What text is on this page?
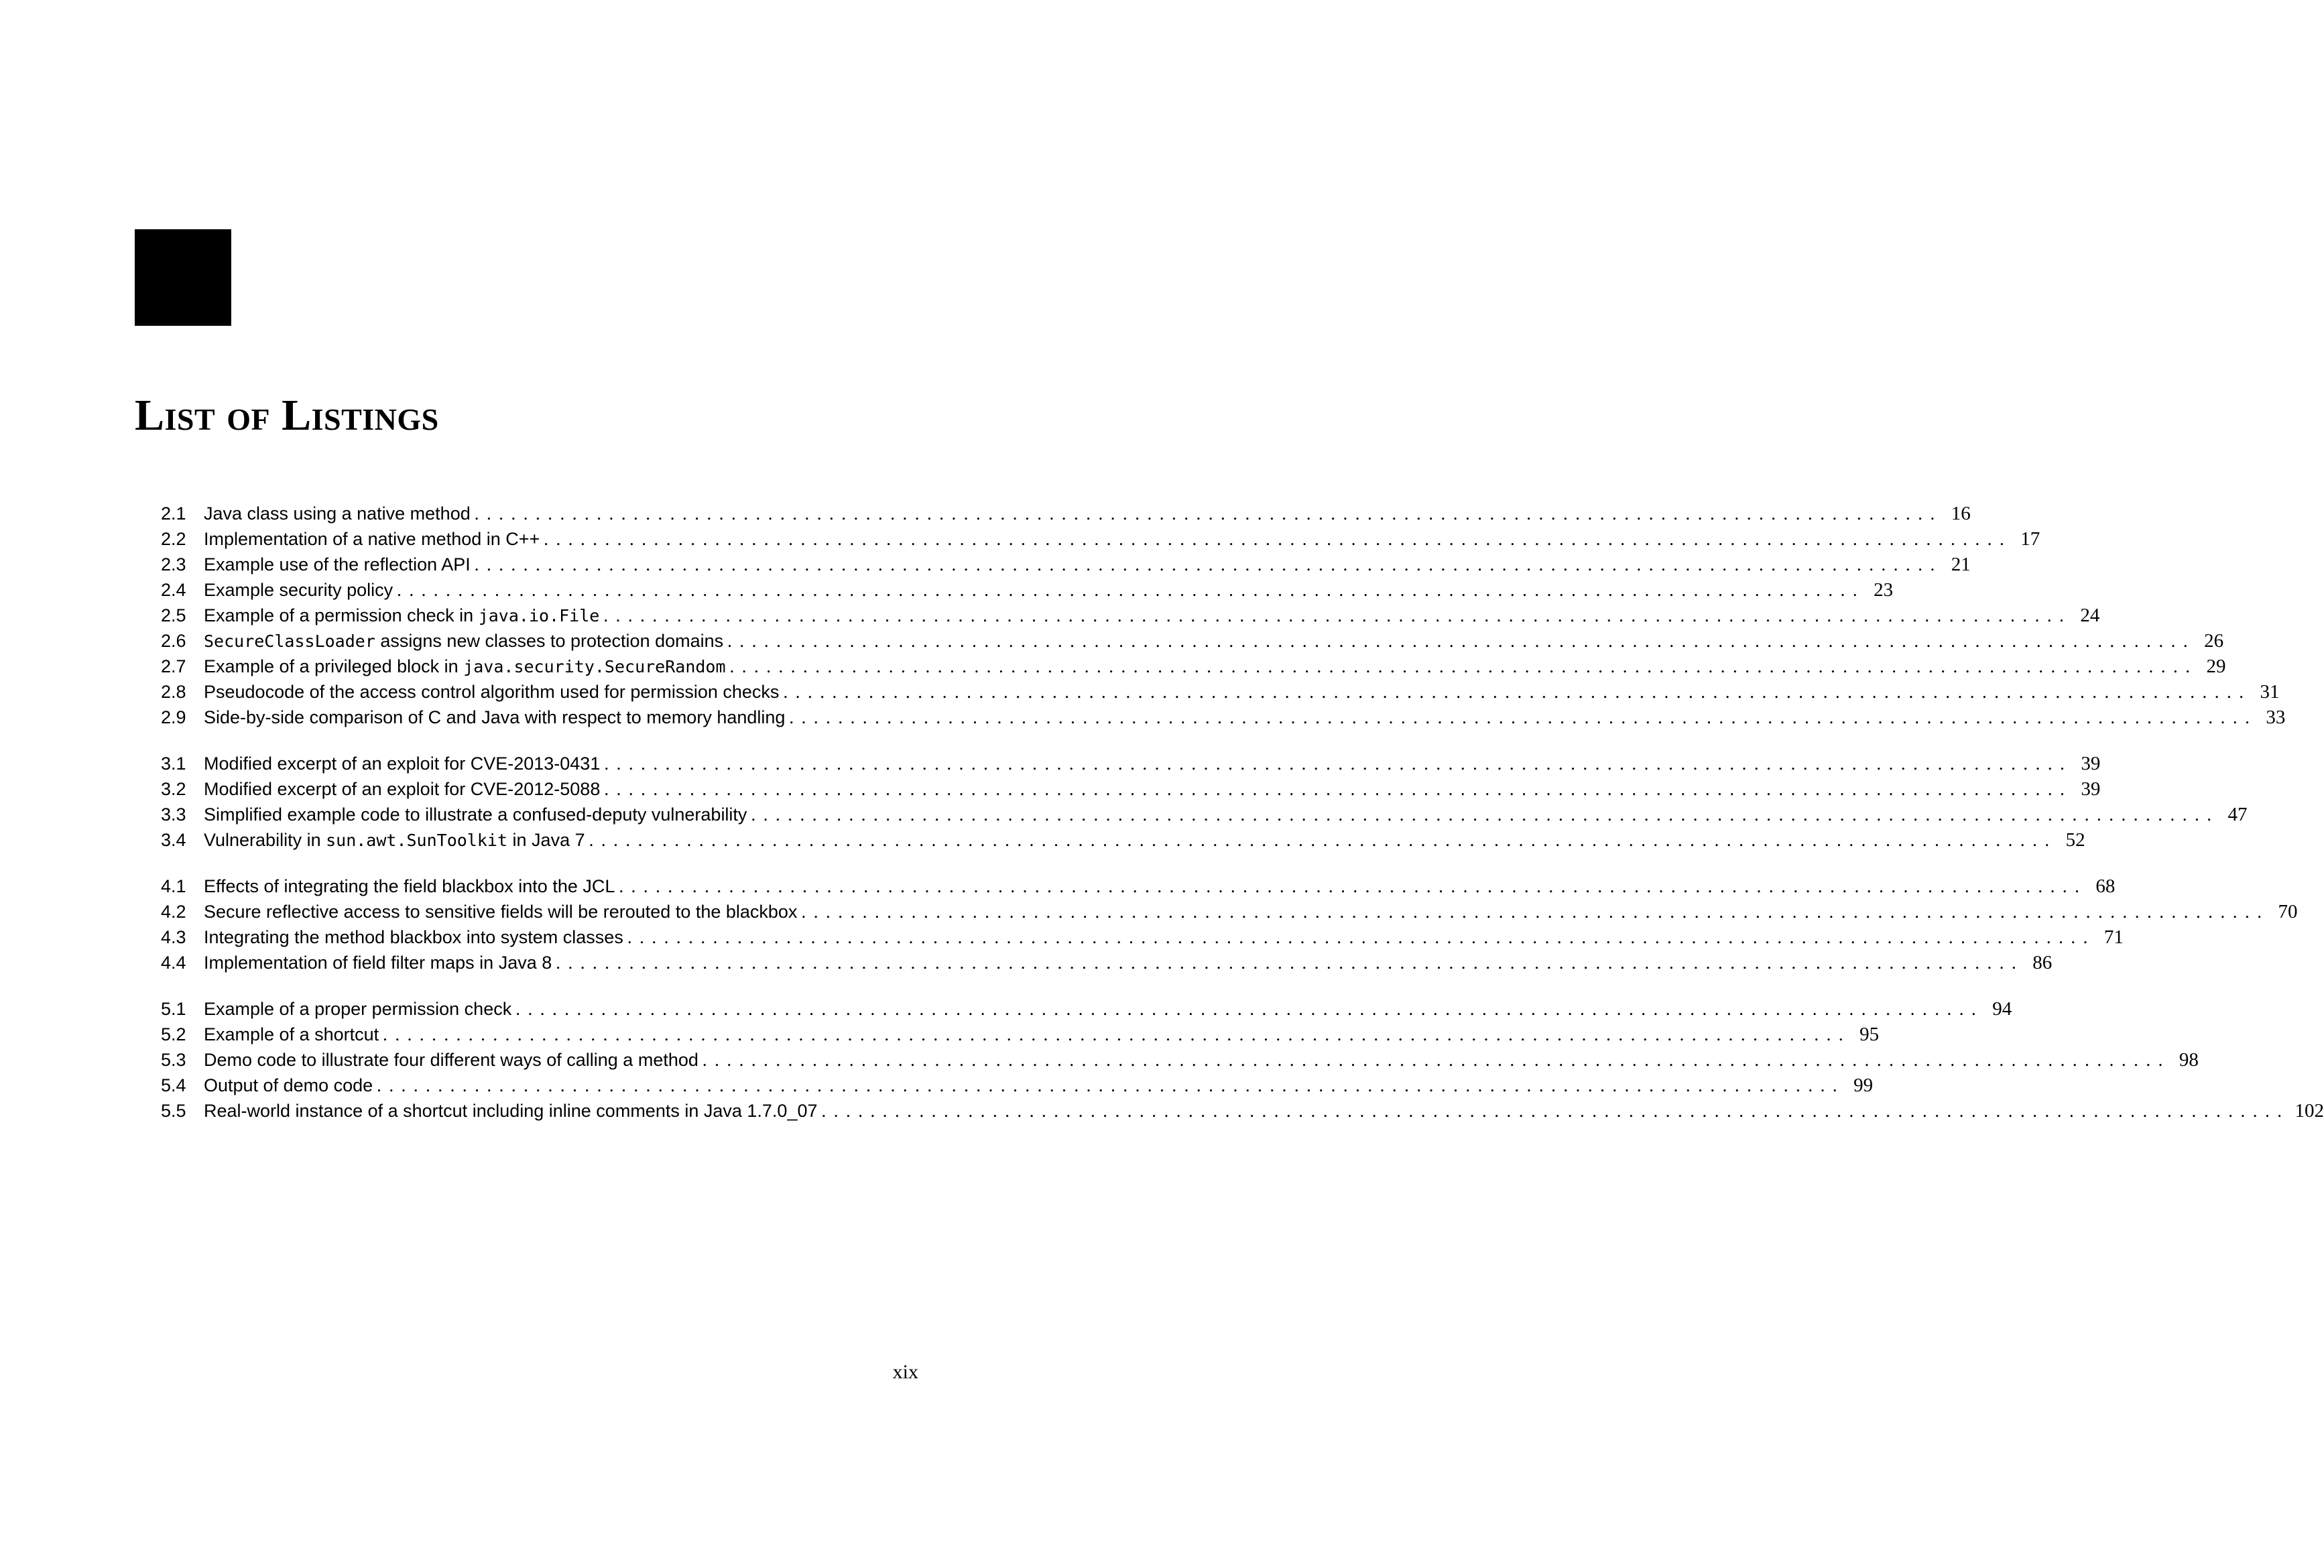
List of Listings
2.1 Java class using a native method ........................................................................................................................ 16
2.2 Implementation of a native method in C++ ........................................................................................................................ 17
2.3 Example use of the reflection API ........................................................................................................................ 21
2.4 Example security policy ........................................................................................................................ 23
2.5 Example of a permission check in java.io.File ........................................................................................................................ 24
2.6	SecureClassLoader assigns new classes to protection domains ........................................................................................................................ 26
2.7 Example of a privileged block in java.security.SecureRandom ........................................................................................................................ 29
2.8 Pseudocode of the access control algorithm used for permission checks ........................................................................................................................ 31
2.9 Side-by-side comparison of C and Java with respect to memory handling ........................................................................................................................ 33
3.1 Modified excerpt of an exploit for CVE-2013-0431 ........................................................................................................................ 39
3.2 Modified excerpt of an exploit for CVE-2012-5088 ........................................................................................................................ 39
3.3 Simplified example code to illustrate a confused-deputy vulnerability ........................................................................................................................ 47
3.4 Vulnerability in sun.awt.SunToolkit in Java 7 ........................................................................................................................ 52
4.1 Effects of integrating the field blackbox into the JCL ........................................................................................................................ 68
4.2 Secure reflective access to sensitive fields will be rerouted to the blackbox ........................................................................................................................ 70
4.3 Integrating the method blackbox into system classes ........................................................................................................................ 71
4.4 Implementation of field filter maps in Java 8 ........................................................................................................................ 86
5.1 Example of a proper permission check ........................................................................................................................ 94
5.2 Example of a shortcut ........................................................................................................................ 95
5.3 Demo code to illustrate four different ways of calling a method ........................................................................................................................ 98
5.4 Output of demo code ........................................................................................................................ 99
5.5 Real-world instance of a shortcut including inline comments in Java 1.7.0_07 ........................................................................................................................ 102
xix
